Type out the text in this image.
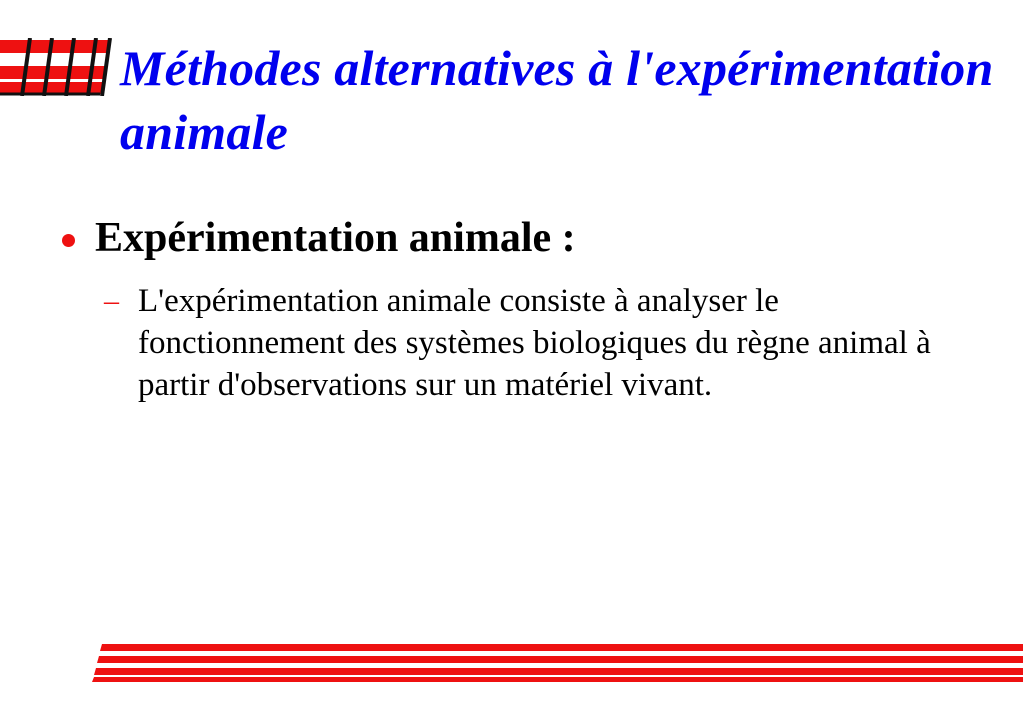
Méthodes alternatives à l'expérimentation animale
Expérimentation animale :
– L'expérimentation animale consiste à analyser le fonctionnement des systèmes biologiques du règne animal à partir d'observations sur un matériel vivant.
